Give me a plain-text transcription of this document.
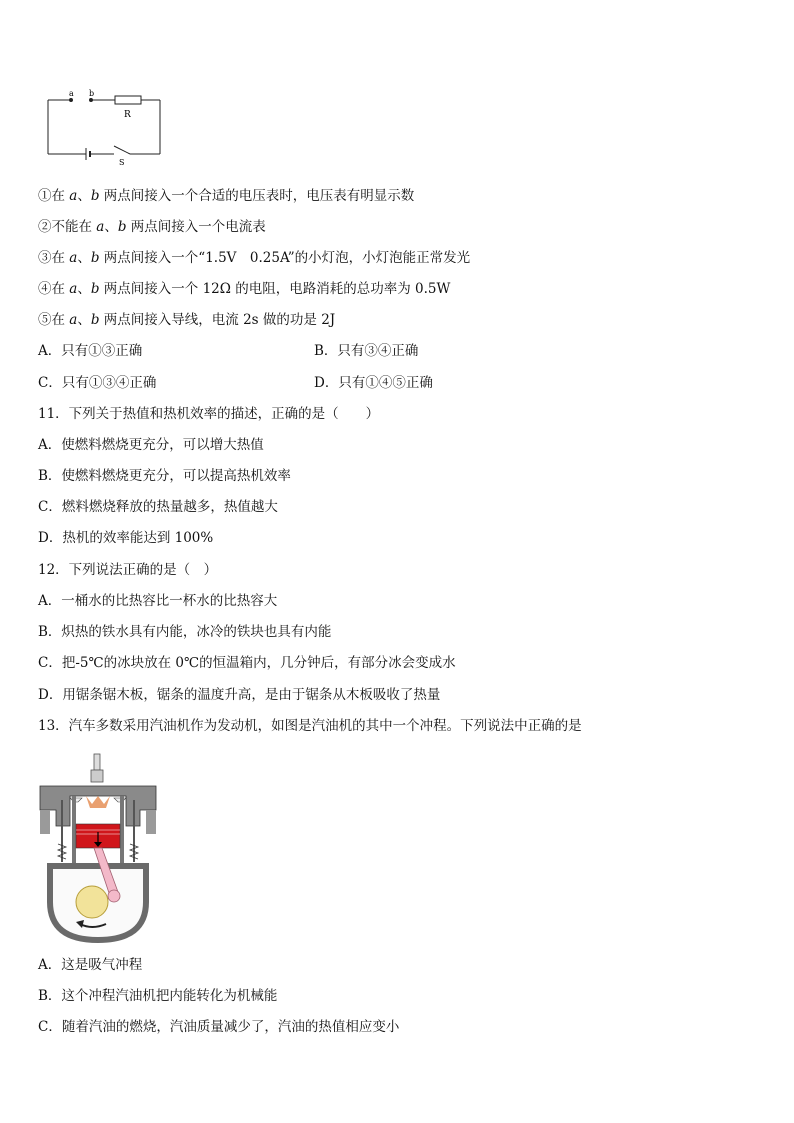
a b
R
S
①在 a、b 两点间接入一个合适的电压表时，电压表有明显示数
②不能在 a、b 两点间接入一个电流表
③在 a、b 两点间接入一个“1.5V　0.25A”的小灯泡，小灯泡能正常发光
④在 a、b 两点间接入一个 12Ω 的电阻，电路消耗的总功率为 0.5W
⑤在 a、b 两点间接入导线，电流 2s 做的功是 2J
A．只有①③正确	B．只有③④正确
C．只有①③④正确	D．只有①④⑤正确
11．下列关于热值和热机效率的描述，正确的是（　　）
A．使燃料燃烧更充分，可以增大热值
B．使燃料燃烧更充分，可以提高热机效率
C．燃料燃烧释放的热量越多，热值越大
D．热机的效率能达到 100%
12．下列说法正确的是（　）
A．一桶水的比热容比一杯水的比热容大
B．炽热的铁水具有内能，冰冷的铁块也具有内能
C．把-5℃的冰块放在 0℃的恒温箱内，几分钟后，有部分冰会变成水
D．用锯条锯木板，锯条的温度升高，是由于锯条从木板吸收了热量
13．汽车多数采用汽油机作为发动机，如图是汽油机的其中一个冲程。下列说法中正确的是
A．这是吸气冲程
B．这个冲程汽油机把内能转化为机械能
C．随着汽油的燃烧，汽油质量减少了，汽油的热值相应变小
